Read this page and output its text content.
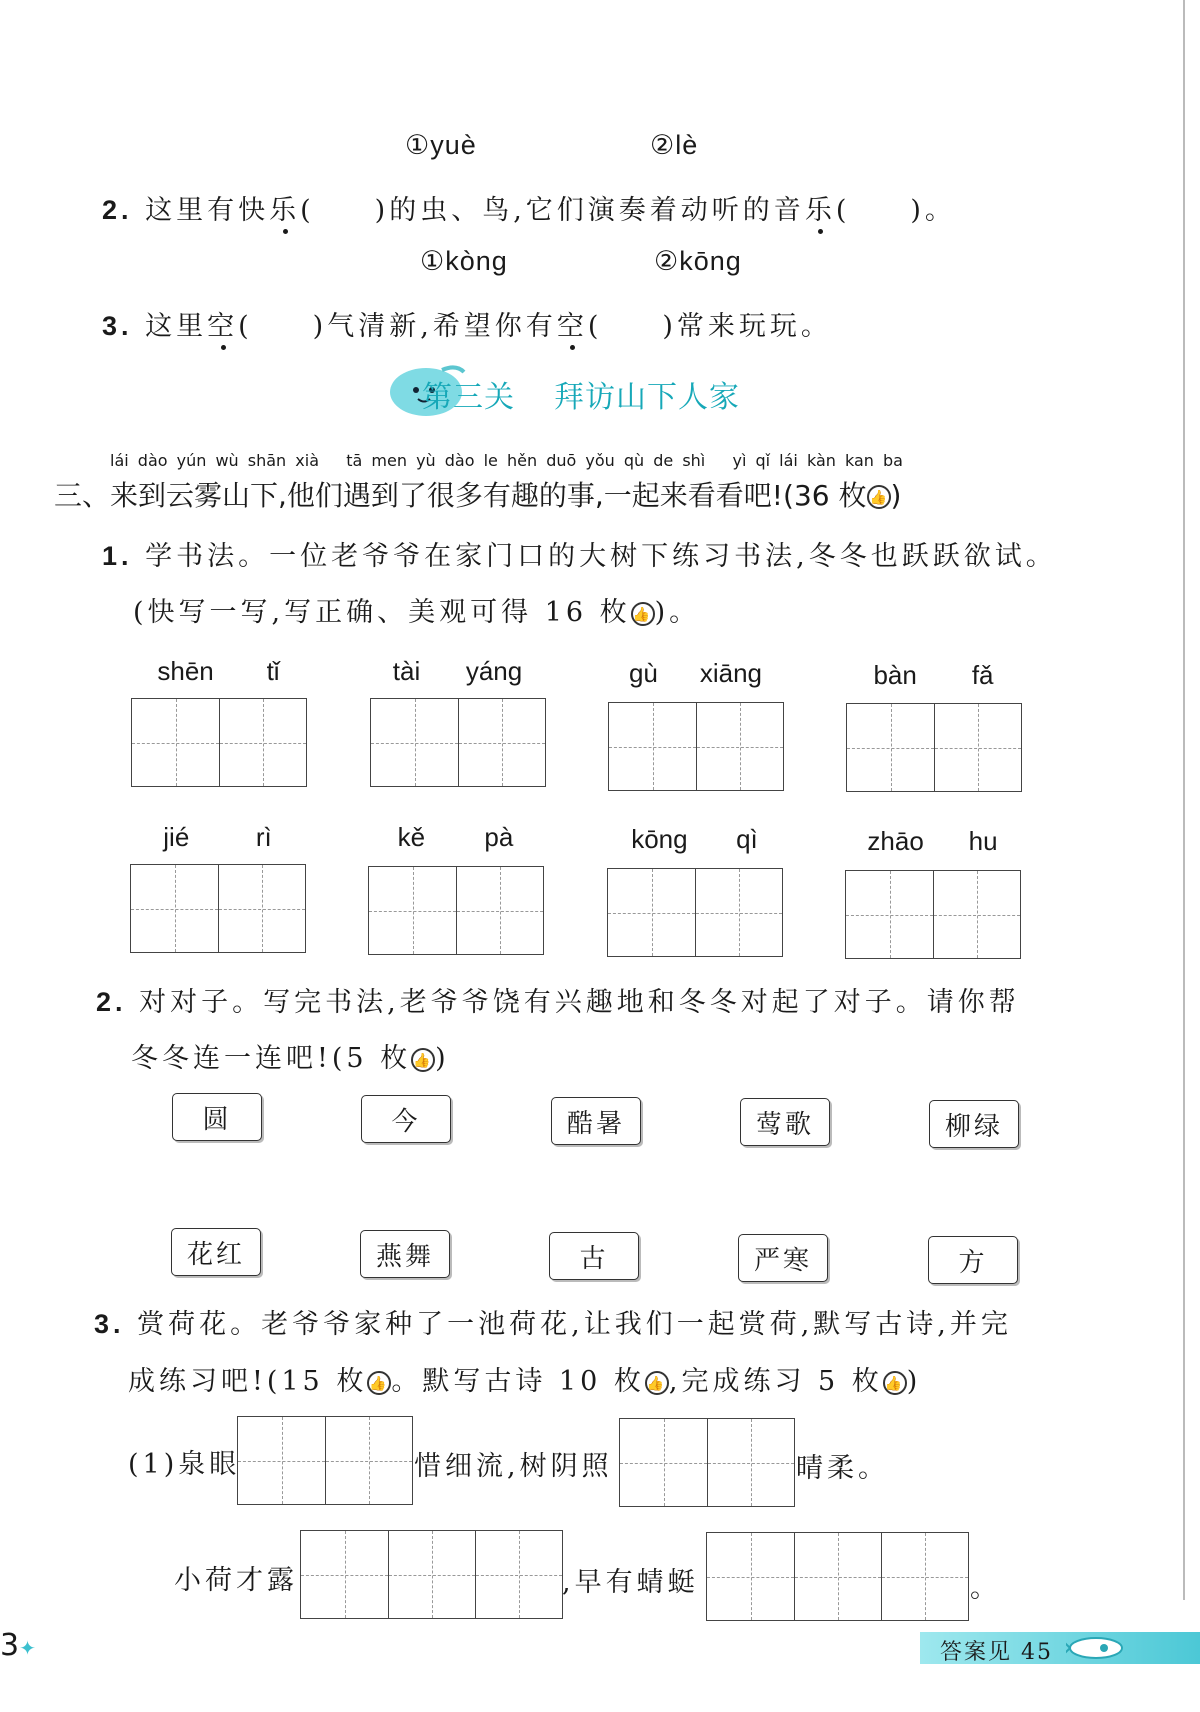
①yuè	②lè
2. 这里有快乐( )的虫、鸟,它们演奏着动听的音乐( )。
①kòng	②kōng
3. 这里空( )气清新,希望你有空( )常来玩玩。
第三关 拜访山下人家
lái dào yún wù shān xià   tā men yù dào le hěn duō yǒu qù de shì   yì qǐ lái kàn kan ba
三、来到云雾山下,他们遇到了很多有趣的事,一起来看看吧!(36 枚 👍 )
1. 学书法。一位老爷爷在家门口的大树下练习书法,冬冬也跃跃欲试。
(快写一写,写正确、美观可得 16 枚 👍)。
shēn tǐ	tài yáng	gù xiāng	bàn fǎ
jié	rì	kě pà	kōng qì	zhāo hu
2. 对对子。写完书法,老爷爷饶有兴趣地和冬冬对起了对子。请你帮
冬冬连一连吧!(5 枚 👍)
圆	今	酷暑	莺歌	柳绿
花红	燕舞	古	严寒	方
3. 赏荷花。老爷爷家种了一池荷花,让我们一起赏荷,默写古诗,并完
成练习吧!(15 枚 👍。默写古诗 10 枚 👍,完成练习 5 枚 👍)
(1)泉眼	惜细流,树阴照	晴柔。
小荷才露	,早有蜻蜓	。
3✦	答案见 45
